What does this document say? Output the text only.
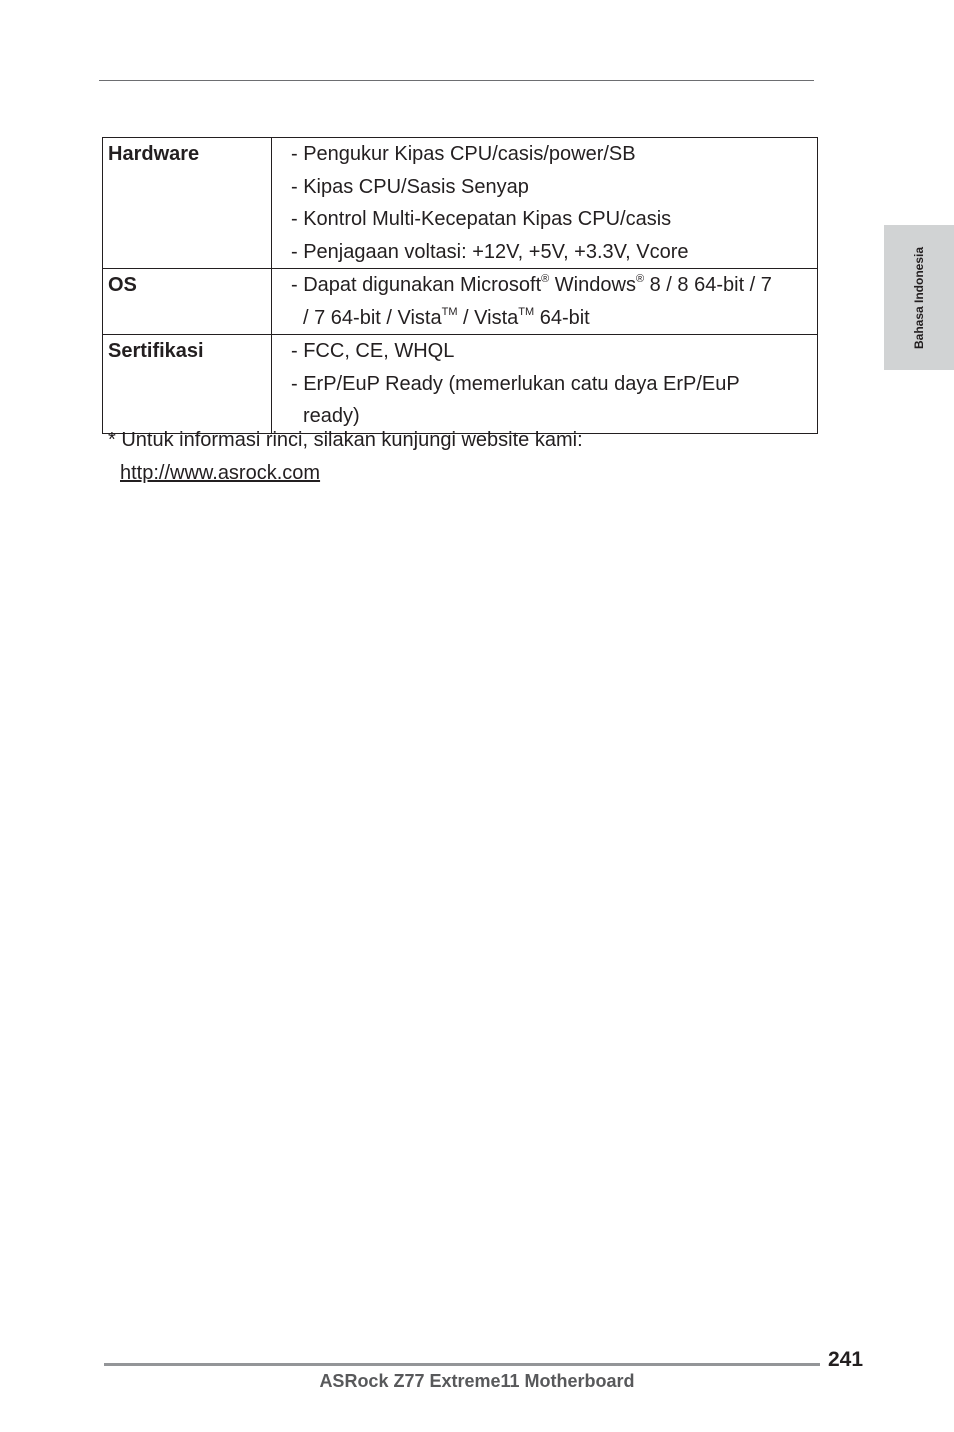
Hardware	- Pengukur Kipas CPU/casis/power/SB
- Kipas CPU/Sasis Senyap
- Kontrol Multi-Kecepatan Kipas CPU/casis
- Penjagaan voltasi: +12V, +5V, +3.3V, Vcore

OS	- Dapat digunakan Microsoft® Windows® 8 / 8 64-bit / 7
/ 7 64-bit / Vista™ / Vista™ 64-bit

Sertifikasi	- FCC, CE, WHQL
- ErP/EuP Ready (memerlukan catu daya ErP/EuP
ready)
* Untuk informasi rinci, silakan kunjungi website kami:
http://www.asrock.com
Bahasa Indonesia
241
ASRock Z77 Extreme11 Motherboard
